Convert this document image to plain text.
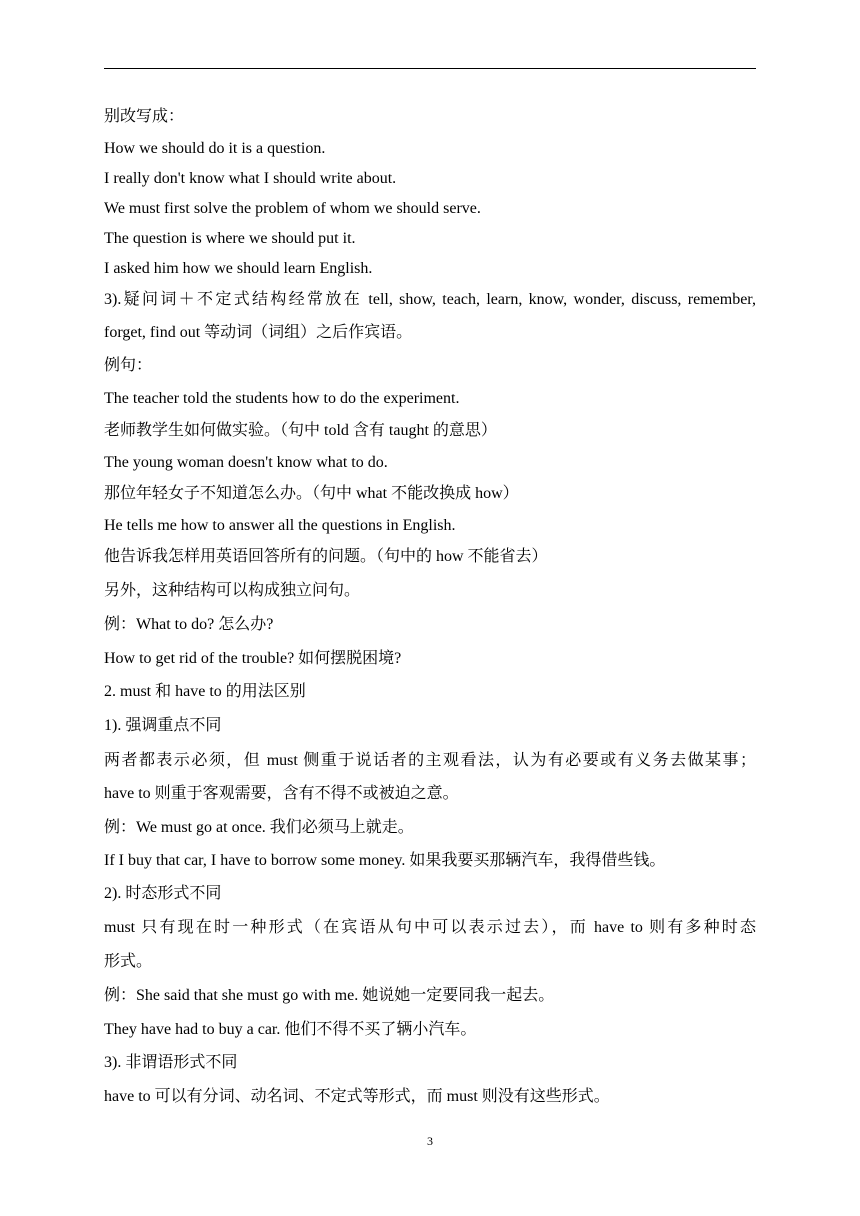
别改写成：
How we should do it is a question.
I really don't know what I should write about.
We must first solve the problem of whom we should serve.
The question is where we should put it.
I asked him how we should learn English.
3).疑问词＋不定式结构经常放在 tell, show, teach, learn, know, wonder, discuss, remember,
forget, find out 等动词（词组）之后作宾语。
例句：
The teacher told the students how to do the experiment.
老师教学生如何做实验。（句中 told 含有 taught 的意思）
The young woman doesn't know what to do.
那位年轻女子不知道怎么办。（句中 what 不能改换成 how）
He tells me how to answer all the questions in English.
他告诉我怎样用英语回答所有的问题。（句中的 how 不能省去）
另外，这种结构可以构成独立问句。
例：What to do? 怎么办?
How to get rid of the trouble? 如何摆脱困境?
2. must 和 have to 的用法区别
1). 强调重点不同
两者都表示必须，但 must 侧重于说话者的主观看法，认为有必要或有义务去做某事；
have to 则重于客观需要，含有不得不或被迫之意。
例：We must go at once. 我们必须马上就走。
If I buy that car, I have to borrow some money. 如果我要买那辆汽车，我得借些钱。
2). 时态形式不同
must 只有现在时一种形式（在宾语从句中可以表示过去），而 have to 则有多种时态
形式。
例：She said that she must go with me. 她说她一定要同我一起去。
They have had to buy a car. 他们不得不买了辆小汽车。
3). 非谓语形式不同
have to 可以有分词、动名词、不定式等形式，而 must 则没有这些形式。
3
